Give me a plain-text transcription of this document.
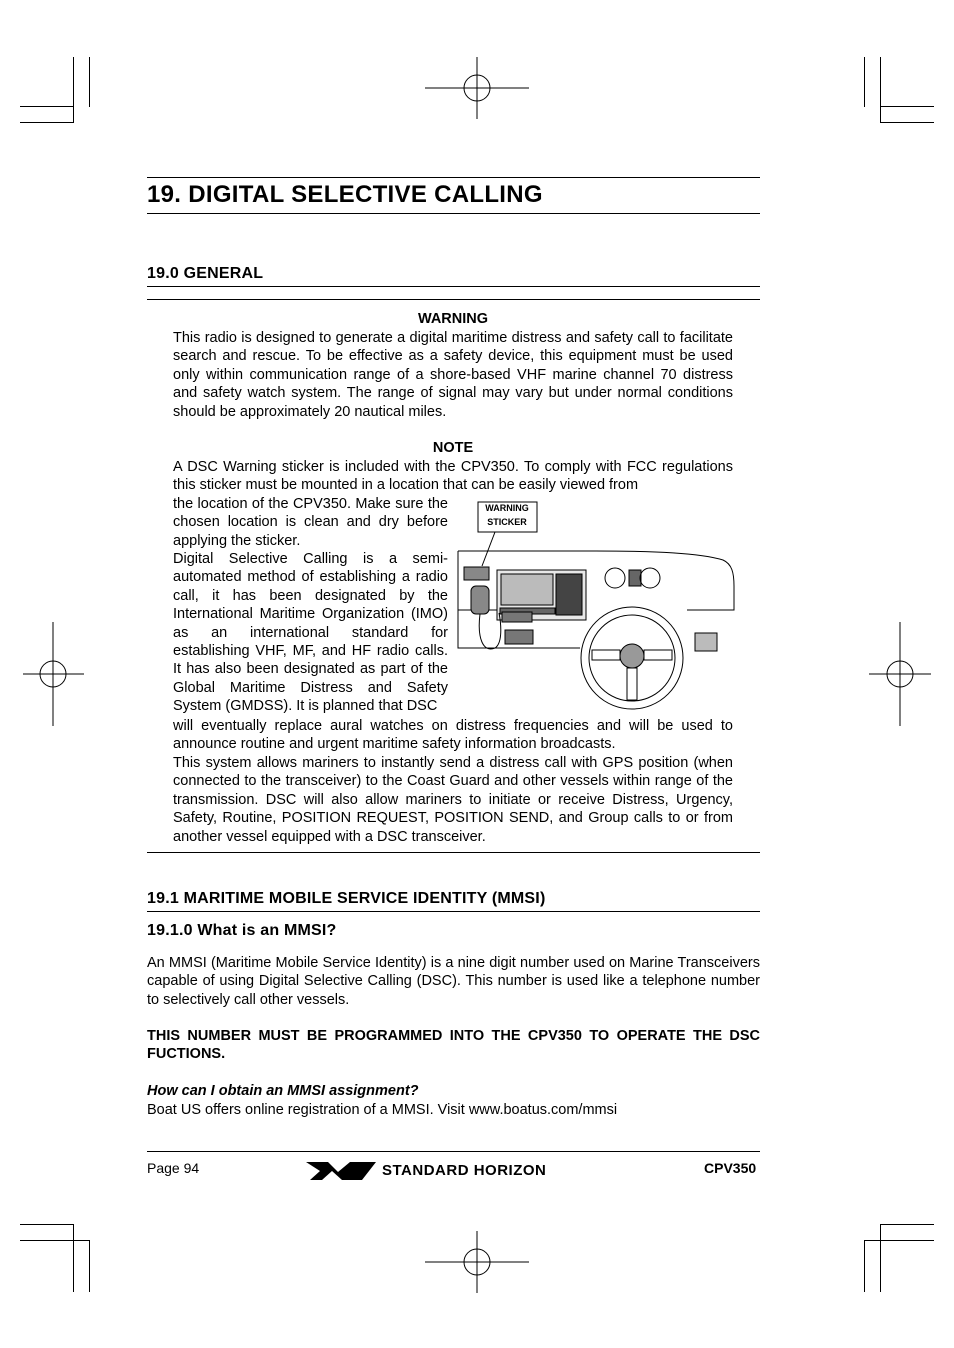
19. DIGITAL SELECTIVE CALLING
19.0 GENERAL
WARNING
This radio is designed to generate a digital maritime distress and safety call to facilitate search and rescue. To be effective as a safety device, this equipment must be used only within communication range of a shore-based VHF marine channel 70 distress and safety watch system. The range of signal may vary but under normal conditions should be approximately 20 nautical miles.
NOTE
A DSC Warning sticker is included with the CPV350. To comply with FCC regulations this sticker must be mounted in a location that can be easily viewed from
the location of the CPV350. Make sure the chosen location is clean and dry before applying the sticker.
Digital Selective Calling is a semi-automated method of establishing a radio call, it has been designated by the International Maritime Organization (IMO) as an international standard for establishing VHF, MF, and HF radio calls. It has also been designated as part of the Global Maritime Distress and Safety System (GMDSS). It is planned that DSC
will eventually replace aural watches on distress frequencies and will be used to announce routine and urgent maritime safety information broadcasts.
This system allows mariners to instantly send a distress call with GPS position (when connected to the transceiver) to the Coast Guard and other vessels within range of the transmission. DSC will also allow mariners to initiate or receive Distress, Urgency, Safety, Routine, POSITION REQUEST, POSITION SEND, and Group calls to or from another vessel equipped with a DSC transceiver.
WARNING
STICKER
19.1 MARITIME MOBILE SERVICE IDENTITY (MMSI)
19.1.0 What is an MMSI?
An MMSI (Maritime Mobile Service Identity) is a nine digit number used on Marine Transceivers capable of using Digital Selective Calling (DSC). This number is used like a telephone number to selectively call other vessels.
THIS NUMBER MUST BE PROGRAMMED INTO THE CPV350 TO OPERATE THE DSC FUCTIONS.
How can I obtain an MMSI assignment?
Boat US offers online registration of a MMSI. Visit www.boatus.com/mmsi
Page 94	STANDARD HORIZON	CPV350
